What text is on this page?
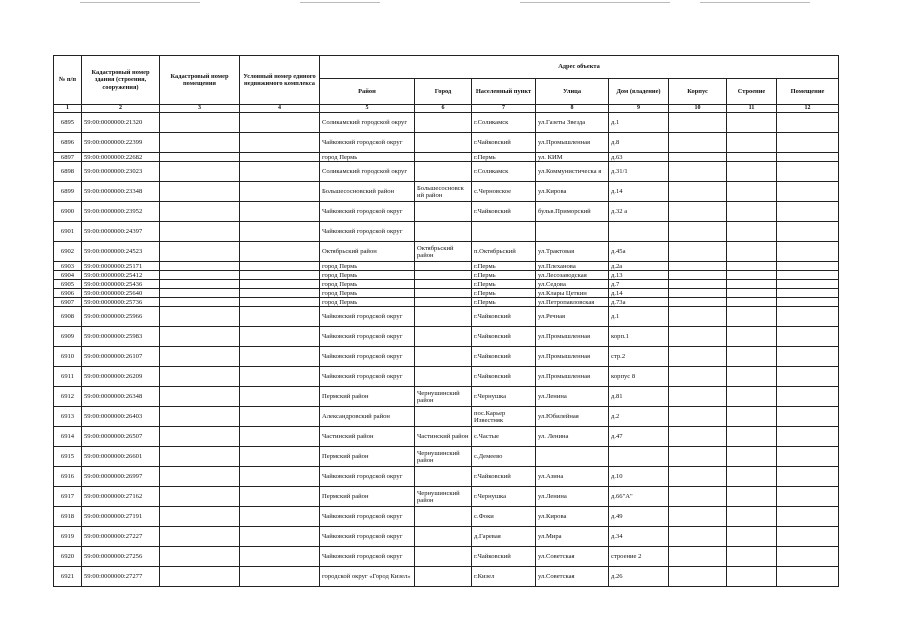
№ п/п	Кадастровый номер здания (строения, сооружения)	Кадастровый номер помещения	Условный номер единого недвижимого комплекса	Адрес объекта							
				Район	Город	Населенный пункт	Улица	Дом (владение)	Корпус	Строение	Помещение
1	2	3	4	5	6	7	8	9	10	11	12
6895	59:00:0000000:21320			Соликамский городской округ		г.Соликамск	ул.Газеты Звезда	д.1			
6896	59:00:0000000:22399			Чайковский городской округ		г.Чайковский	ул.Промышленная	д.8			
6897	59:00:0000000:22682			город Пермь		г.Пермь	ул. КИМ	д.63			
6898	59:00:0000000:23023			Соликамский городской округ		г.Соликамск	ул.Коммунистическа я	д.31/1			
6899	59:00:0000000:23348			Большесосновский район	Большесосновск ий район	с.Черновское	ул.Кирова	д.14			
6900	59:00:0000000:23952			Чайковский городской округ		г.Чайковский	бульв.Приморский	д.32 а			
6901	59:00:0000000:24397			Чайковский городской округ							
6902	59:00:0000000:24523			Октябрьский район	Октябрьский район	п.Октябрьский	ул.Трактовая	д.45а			
6903	59:00:0000000:25171			город Пермь		г.Пермь	ул.Плеханова	д.2а			
6904	59:00:0000000:25412			город Пермь		г.Пермь	ул.Лесозаводская	д.13			
6905	59:00:0000000:25436			город Пермь		г.Пермь	ул.Седова	д.7			
6906	59:00:0000000:25640			город Пермь		г.Пермь	ул.Клары Цеткин	д.14			
6907	59:00:0000000:25736			город Пермь		г.Пермь	ул.Петропавловская	д.73а			
6908	59:00:0000000:25966			Чайковский городской округ		г.Чайковский	ул.Речная	д.1			
6909	59:00:0000000:25983			Чайковский городской округ		г.Чайковский	ул.Промышленная	корп.1			
6910	59:00:0000000:26107			Чайковский городской округ		г.Чайковский	ул.Промышленная	стр.2			
6911	59:00:0000000:26209			Чайковский городской округ		г.Чайковский	ул.Промышленная	корпус 8			
6912	59:00:0000000:26348			Пермский район	Чернушинский район	г.Чернушка	ул.Ленина	д.81			
6913	59:00:0000000:26403			Александровский район		пос.Карьер Известняк	ул.Юбилейная	д.2			
6914	59:00:0000000:26507			Частинский район	Частинский район	с.Частые	ул. Ленина	д.47			
6915	59:00:0000000:26601			Пермский район	Чернушинский район	с.Демеево					
6916	59:00:0000000:26997			Чайковский городской округ		г.Чайковский	ул.Азина	д.10			
6917	59:00:0000000:27162			Пермский район	Чернушинский район	г.Чернушка	ул.Ленина	д.66"А"			
6918	59:00:0000000:27191			Чайковский городской округ		с.Фоки	ул.Кирова	д.49			
6919	59:00:0000000:27227			Чайковский городской округ		д.Гаревая	ул.Мира	д.34			
6920	59:00:0000000:27256			Чайковский городской округ		г.Чайковский	ул.Советская	строение 2			
6921	59:00:0000000:27277			городской округ «Город Кизел»		г.Кизел	ул.Советская	д.26			
